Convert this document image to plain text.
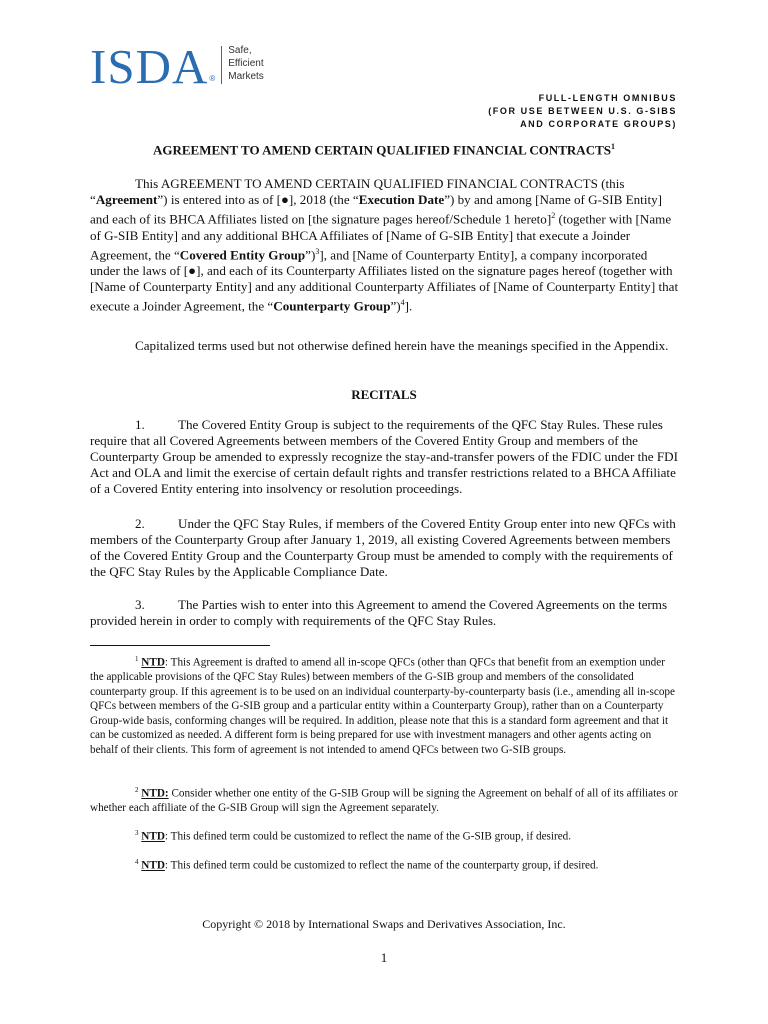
ISDA ®
Safe,
Efficient
Markets
FULL-LENGTH OMNIBUS
(FOR USE BETWEEN U.S. G-SIBS
AND CORPORATE GROUPS)
AGREEMENT TO AMEND CERTAIN QUALIFIED FINANCIAL CONTRACTS$^1$

This AGREEMENT TO AMEND CERTAIN QUALIFIED FINANCIAL CONTRACTS (this “Agreement”) is entered into as of [●], 2018 (the “Execution Date”) by and among [Name of G-SIB Entity] and each of its BHCA Affiliates listed on [the signature pages hereof/Schedule 1 hereto]$^2$ (together with [Name of G-SIB Entity] and any additional BHCA Affiliates of [Name of G-SIB Entity] that execute a Joinder Agreement, the “Covered Entity Group”)$^3$], and [Name of Counterparty Entity], a company incorporated under the laws of [●], and each of its Counterparty Affiliates listed on the signature pages hereof (together with [Name of Counterparty Entity] and any additional Counterparty Affiliates of [Name of Counterparty Entity] that execute a Joinder Agreement, the “Counterparty Group”)$^4$].

Capitalized terms used but not otherwise defined herein have the meanings specified in the Appendix.

RECITALS

1.	The Covered Entity Group is subject to the requirements of the QFC Stay Rules. These rules require that all Covered Agreements between members of the Covered Entity Group and members of the Counterparty Group be amended to expressly recognize the stay-and-transfer powers of the FDIC under the FDI Act and OLA and limit the exercise of certain default rights and transfer restrictions related to a BHCA Affiliate of a Covered Entity entering into insolvency or resolution proceedings.

2.	Under the QFC Stay Rules, if members of the Covered Entity Group enter into new QFCs with members of the Counterparty Group after January 1, 2019, all existing Covered Agreements between members of the Covered Entity Group and the Counterparty Group must be amended to comply with the requirements of the QFC Stay Rules by the Applicable Compliance Date.

3.	The Parties wish to enter into this Agreement to amend the Covered Agreements on the terms provided herein in order to comply with requirements of the QFC Stay Rules.

$^1$ NTD: This Agreement is drafted to amend all in-scope QFCs (other than QFCs that benefit from an exemption under the applicable provisions of the QFC Stay Rules) between members of the G-SIB group and members of the consolidated counterparty group. If this agreement is to be used on an individual counterparty-by-counterparty basis (i.e., amending all in-scope QFCs between members of the G-SIB group and a particular entity within a Counterparty Group), rather than on a Counterparty Group-wide basis, conforming changes will be required. In addition, please note that this is a standard form agreement and that it can be customized as needed. A different form is being prepared for use with investment managers and other agents acting on behalf of their clients. This form of agreement is not intended to amend QFCs between two G-SIB groups.

$^2$ NTD: Consider whether one entity of the G-SIB Group will be signing the Agreement on behalf of all of its affiliates or whether each affiliate of the G-SIB Group will sign the Agreement separately.

$^3$ NTD: This defined term could be customized to reflect the name of the G-SIB group, if desired.

$^4$ NTD: This defined term could be customized to reflect the name of the counterparty group, if desired.

Copyright © 2018 by International Swaps and Derivatives Association, Inc.
1
